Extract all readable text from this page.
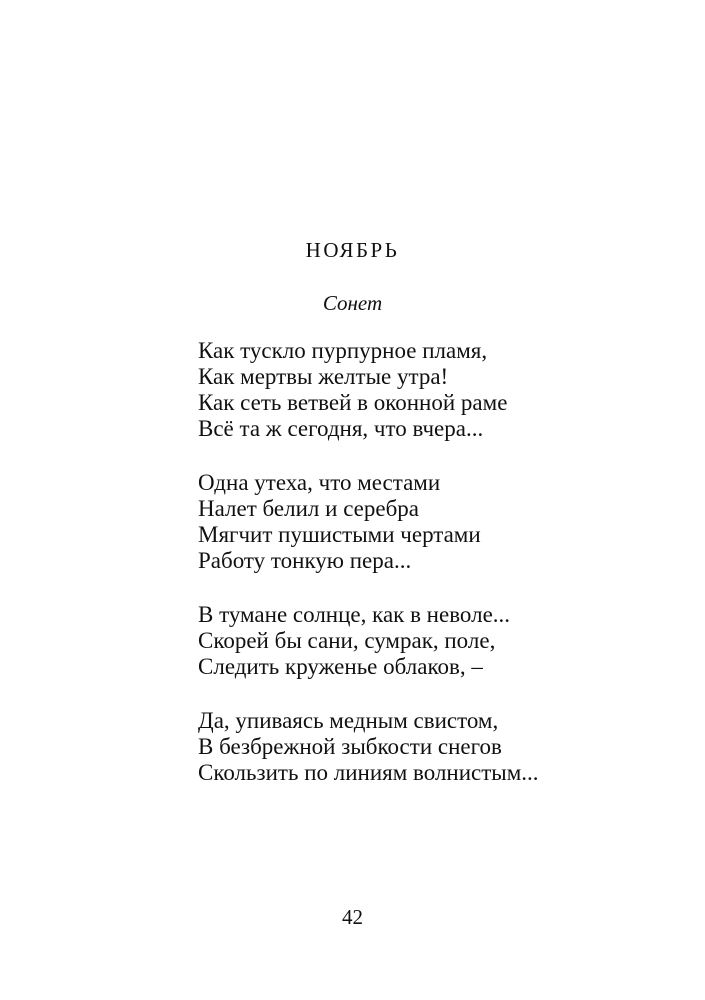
НОЯБРЬ
Сонет
Как тускло пурпурное пламя,
Как мертвы желтые утра!
Как сеть ветвей в оконной раме
Всё та ж сегодня, что вчера...
Одна утеха, что местами
Налет белил и серебра
Мягчит пушистыми чертами
Работу тонкую пера...
В тумане солнце, как в неволе...
Скорей бы сани, сумрак, поле,
Следить круженье облаков, –
Да, упиваясь медным свистом,
В безбрежной зыбкости снегов
Скользить по линиям волнистым...
42
